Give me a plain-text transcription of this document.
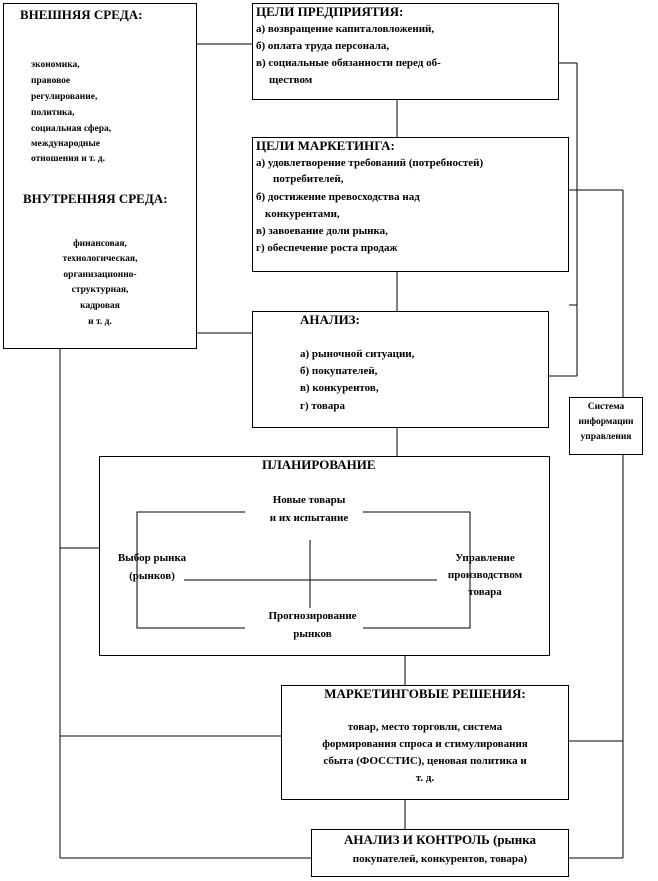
ВНЕШНЯЯ СРЕДА:
экономика,
правовое
регулирование,
политика,
социальная сфера,
международные
отношения и т. д.
ВНУТРЕННЯЯ СРЕДА:
финансовая,
технологическая,
организационно-
структурная,
кадровая
и т. д.
ЦЕЛИ ПРЕДПРИЯТИЯ:
а) возвращение капиталовложений,
б) оплата труда персонала,
в) социальные обязанности перед об-
ществом
ЦЕЛИ МАРКЕТИНГА:
а) удовлетворение требований (потребностей)
потребителей,
б) достижение превосходства над
конкурентами,
в) завоевание доли рынка,
г) обеспечение роста продаж
АНАЛИЗ:
а) рыночной ситуации,
б) покупателей,
в) конкурентов,
г) товара	Система
информации
управления
ПЛАНИРОВАНИЕ
Новые товары
и их испытание
Выбор рынка
(рынков)
Управление
производством
товара
Прогнозирование
рынков
МАРКЕТИНГОВЫЕ РЕШЕНИЯ:
товар, место торговли, система
формирования спроса и стимулирования
сбыта (ФОССТИС), ценовая политика и
т. д.
АНАЛИЗ И КОНТРОЛЬ (рынка
покупателей, конкурентов, товара)
